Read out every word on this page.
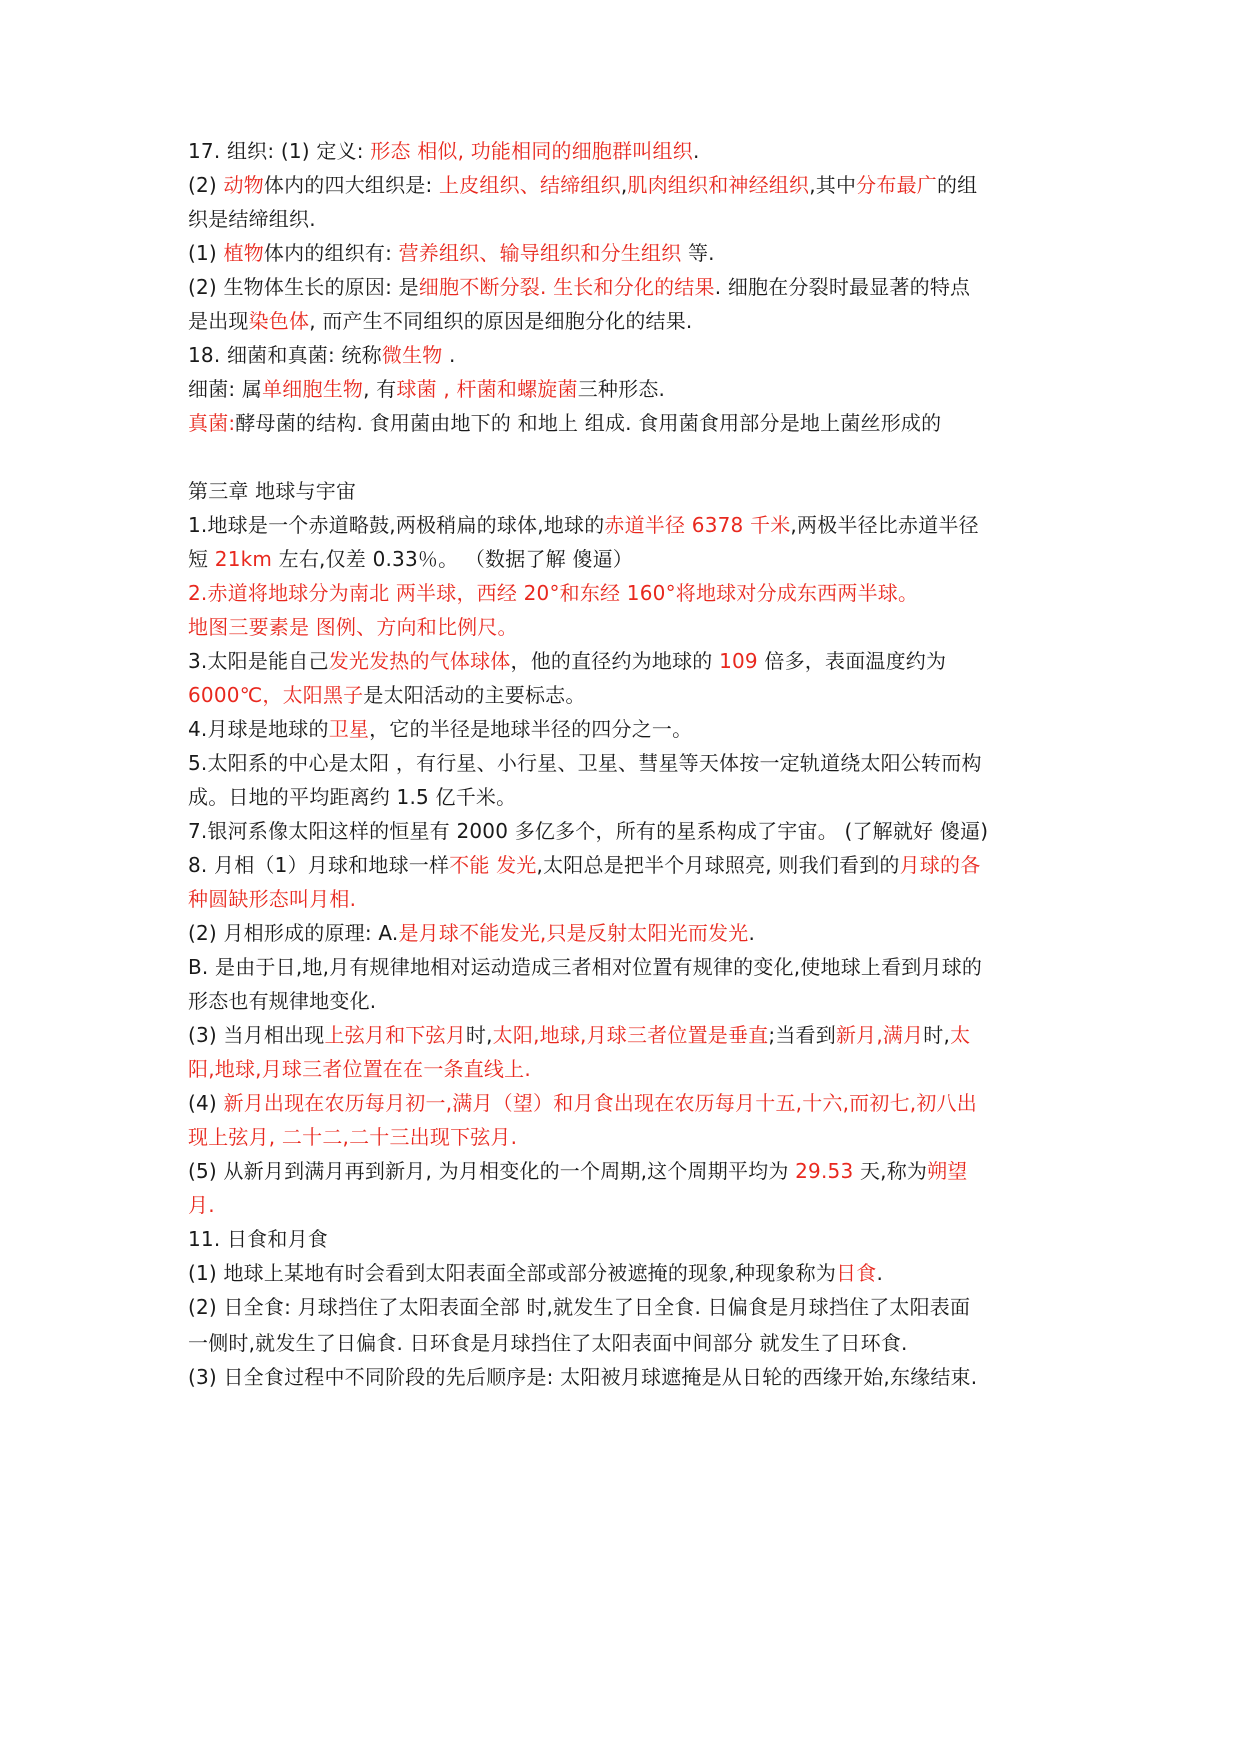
17. 组织: (1) 定义: 形态 相似, 功能相同的细胞群叫组织.
(2) 动物体内的四大组织是: 上皮组织、结缔组织,肌肉组织和神经组织,其中分布最广的组
织是结缔组织.
(1) 植物体内的组织有: 营养组织、输导组织和分生组织 等.
(2) 生物体生长的原因: 是细胞不断分裂. 生长和分化的结果. 细胞在分裂时最显著的特点
是出现染色体, 而产生不同组织的原因是细胞分化的结果.
18. 细菌和真菌: 统称微生物 .
细菌: 属单细胞生物, 有球菌 , 杆菌和螺旋菌三种形态.
真菌:酵母菌的结构. 食用菌由地下的 和地上 组成. 食用菌食用部分是地上菌丝形成的
第三章 地球与宇宙
1.地球是一个赤道略鼓,两极稍扁的球体,地球的赤道半径 6378 千米,两极半径比赤道半径
短 21km 左右,仅差 0.33％。 （数据了解 傻逼）
2.赤道将地球分为南北 两半球，西经 20°和东经 160°将地球对分成东西两半球。
地图三要素是 图例、方向和比例尺。
3.太阳是能自己发光发热的气体球体，他的直径约为地球的 109 倍多，表面温度约为
6000℃，太阳黑子是太阳活动的主要标志。
4.月球是地球的卫星，它的半径是地球半径的四分之一。
5.太阳系的中心是太阳 ，有行星、小行星、卫星、彗星等天体按一定轨道绕太阳公转而构
成。日地的平均距离约 1.5 亿千米。
7.银河系像太阳这样的恒星有 2000 多亿多个，所有的星系构成了宇宙。 (了解就好 傻逼)
8. 月相（1）月球和地球一样不能 发光,太阳总是把半个月球照亮, 则我们看到的月球的各
种圆缺形态叫月相.
(2) 月相形成的原理: A.是月球不能发光,只是反射太阳光而发光.
B. 是由于日,地,月有规律地相对运动造成三者相对位置有规律的变化,使地球上看到月球的
形态也有规律地变化.
(3) 当月相出现上弦月和下弦月时,太阳,地球,月球三者位置是垂直;当看到新月,满月时,太
阳,地球,月球三者位置在在一条直线上.
(4) 新月出现在农历每月初一,满月（望）和月食出现在农历每月十五,十六,而初七,初八出
现上弦月, 二十二,二十三出现下弦月.
(5) 从新月到满月再到新月, 为月相变化的一个周期,这个周期平均为 29.53 天,称为朔望
月.
11. 日食和月食
(1) 地球上某地有时会看到太阳表面全部或部分被遮掩的现象,种现象称为日食.
(2) 日全食: 月球挡住了太阳表面全部 时,就发生了日全食. 日偏食是月球挡住了太阳表面
一侧时,就发生了日偏食. 日环食是月球挡住了太阳表面中间部分 就发生了日环食.
(3) 日全食过程中不同阶段的先后顺序是: 太阳被月球遮掩是从日轮的西缘开始,东缘结束.
